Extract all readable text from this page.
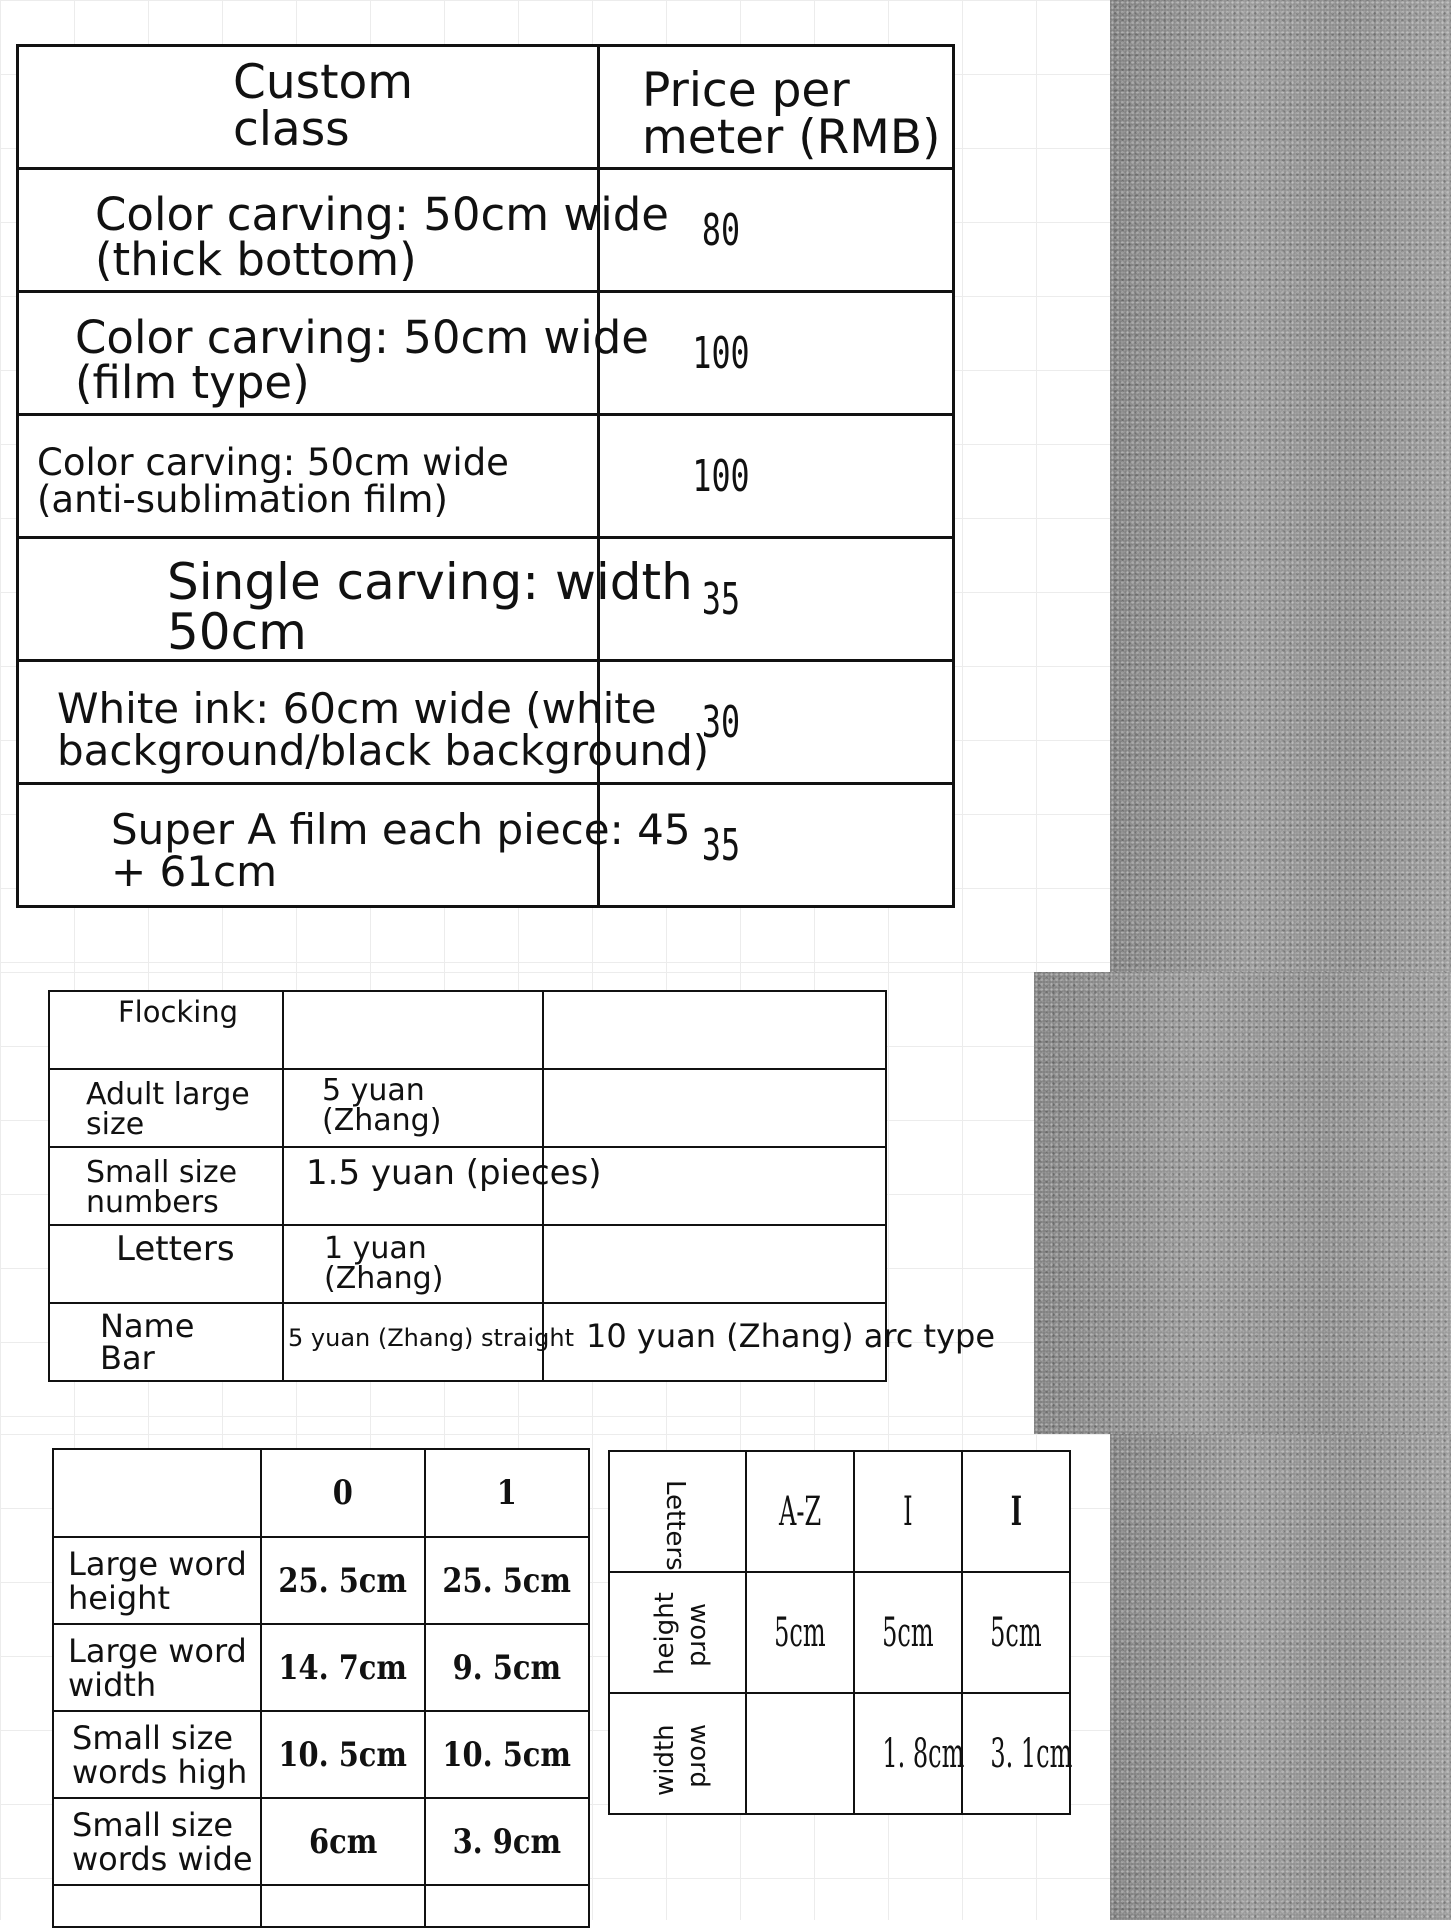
Custom class	Price per meter (RMB)

Color carving: 50cm wide (thick bottom)	80

Color carving: 50cm wide (film type)	100

Color carving: 50cm wide (anti-sublimation film)	100

Single carving: width 50cm	35

White ink: 60cm wide (white background/black background)	30

Super A film each piece: 45 + 61cm	35
Flocking		

Adult large size	5 yuan (Zhang)	

Small size numbers	1.5 yuan (pieces)	

Letters	1 yuan (Zhang)	

Name Bar	5 yuan (Zhang) straight	10 yuan (Zhang) arc type
	0	1

Large word height	25. 5cm	25. 5cm

Large word width	14. 7cm	9. 5cm

Small size words high	10. 5cm	10. 5cm

Small size words wide	6cm	3. 9cm

Letters	A-Z	I	I

word
height	5cm	5cm	5cm

word
width		1. 8cm	3. 1cm
